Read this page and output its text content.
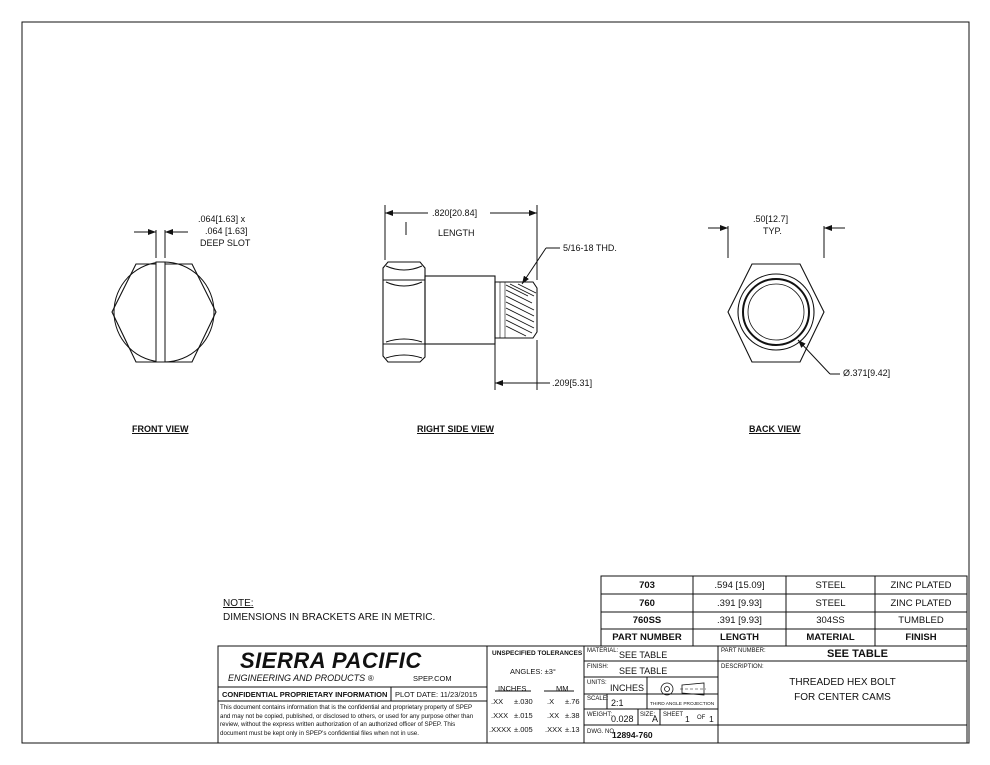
.064[1.63] x
.064 [1.63]
DEEP SLOT
FRONT VIEW
.820[20.84]
LENGTH
5/16-18 THD.
.209[5.31]
RIGHT SIDE VIEW
.50[12.7]
TYP.
Ø.371[9.42]
BACK VIEW
NOTE:
DIMENSIONS IN BRACKETS ARE IN METRIC.
703	.594 [15.09]	STEEL	ZINC PLATED
760	.391 [9.93]	STEEL	ZINC PLATED
760SS	.391 [9.93]	304SS	TUMBLED
PART NUMBER	LENGTH	MATERIAL	FINISH
SIERRA PACIFIC
ENGINEERING AND PRODUCTS ®	SPEP.COM
CONFIDENTIAL PROPRIETARY INFORMATION PLOT DATE: 11/23/2015
This document contains information that is the confidential and proprietary property of SPEP and may not be copied, published, or disclosed to others, or used for any purpose other than review, without the express written authorization of an authorized officer of SPEP. This document must be kept only in SPEP's confidential files when not in use.
UNSPECIFIED TOLERANCES
ANGLES: ±3°
INCHES	MM
.XX ±.030 .X ±.76
.XXX ±.015 .XX ±.38
.XXXX ±.005 .XXX ±.13
MATERIAL: SEE TABLE
FINISH: SEE TABLE
UNITS: INCHES
THIRD ANGLE PROJECTION
SCALE: 2:1
WEIGHT: 0.028 SIZE:
A SHEET 1 OF 1
DWG. NO.
12894-760
PART NUMBER:	SEE TABLE
DESCRIPTION:
THREADED HEX BOLT
FOR CENTER CAMS
